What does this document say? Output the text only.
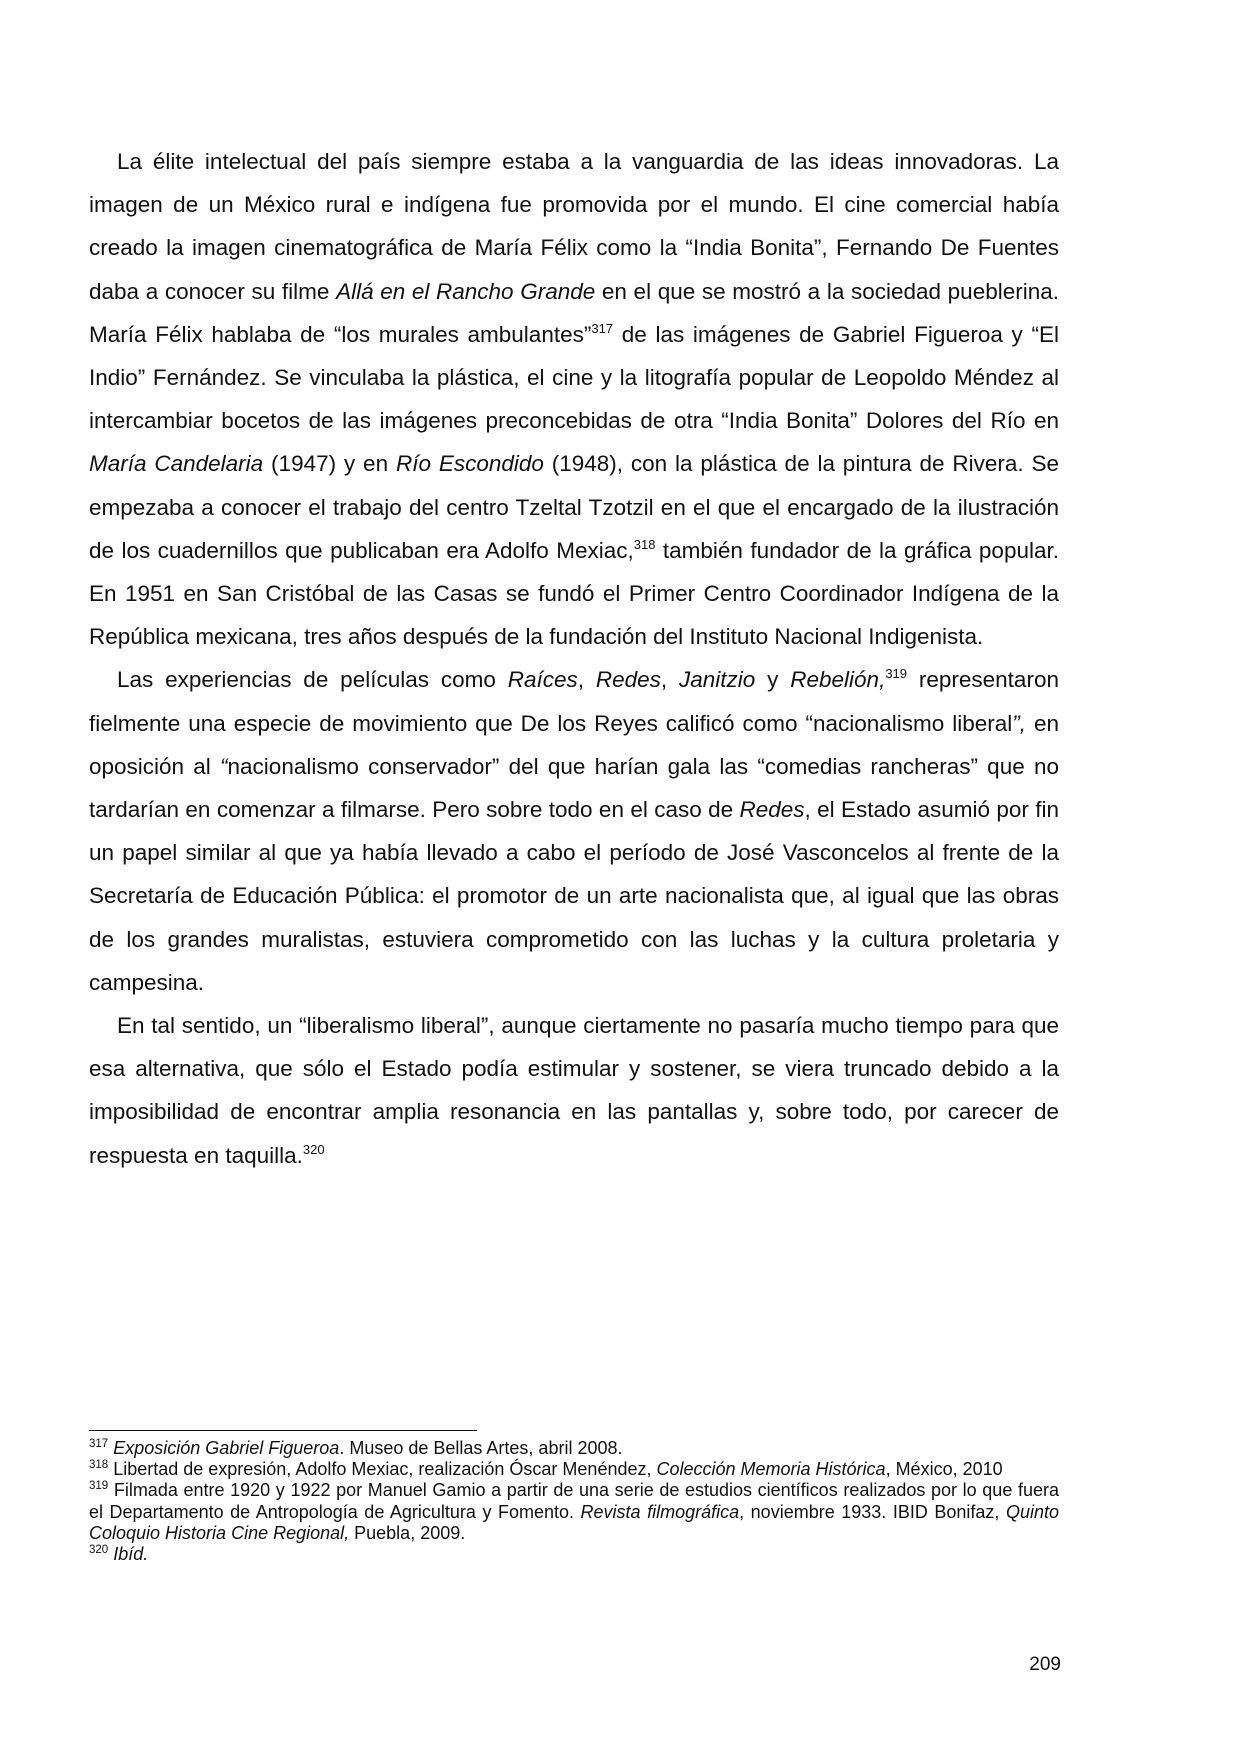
La élite intelectual del país siempre estaba a la vanguardia de las ideas innovadoras. La imagen de un México rural e indígena fue promovida por el mundo. El cine comercial había creado la imagen cinematográfica de María Félix como la “India Bonita”, Fernando De Fuentes daba a conocer su filme Allá en el Rancho Grande en el que se mostró a la sociedad pueblerina. María Félix hablaba de “los murales ambulantes”$^{317}$ de las imágenes de Gabriel Figueroa y “El Indio” Fernández. Se vinculaba la plástica, el cine y la litografía popular de Leopoldo Méndez al intercambiar bocetos de las imágenes preconcebidas de otra “India Bonita” Dolores del Río en María Candelaria (1947) y en Río Escondido (1948), con la plástica de la pintura de Rivera. Se empezaba a conocer el trabajo del centro Tzeltal Tzotzil en el que el encargado de la ilustración de los cuadernillos que publicaban era Adolfo Mexiac,$^{318}$ también fundador de la gráfica popular. En 1951 en San Cristóbal de las Casas se fundó el Primer Centro Coordinador Indígena de la República mexicana, tres años después de la fundación del Instituto Nacional Indigenista.

Las experiencias de películas como Raíces, Redes, Janitzio y Rebelión,$^{319}$ representaron fielmente una especie de movimiento que De los Reyes calificó como “nacionalismo liberal”, en oposición al “nacionalismo conservador” del que harían gala las “comedias rancheras” que no tardarían en comenzar a filmarse. Pero sobre todo en el caso de Redes, el Estado asumió por fin un papel similar al que ya había llevado a cabo el período de José Vasconcelos al frente de la Secretaría de Educación Pública: el promotor de un arte nacionalista que, al igual que las obras de los grandes muralistas, estuviera comprometido con las luchas y la cultura proletaria y campesina.

En tal sentido, un “liberalismo liberal”, aunque ciertamente no pasaría mucho tiempo para que esa alternativa, que sólo el Estado podía estimular y sostener, se viera truncado debido a la imposibilidad de encontrar amplia resonancia en las pantallas y, sobre todo, por carecer de respuesta en taquilla.$^{320}$

$^{317}$ Exposición Gabriel Figueroa. Museo de Bellas Artes, abril 2008.

$^{318}$ Libertad de expresión, Adolfo Mexiac, realización Óscar Menéndez, Colección Memoria Histórica, México, 2010

$^{319}$ Filmada entre 1920 y 1922 por Manuel Gamio a partir de una serie de estudios científicos realizados por lo que fuera el Departamento de Antropología de Agricultura y Fomento. Revista filmográfica, noviembre 1933. IBID Bonifaz, Quinto Coloquio Historia Cine Regional, Puebla, 2009.

$^{320}$ Ibíd.

209
